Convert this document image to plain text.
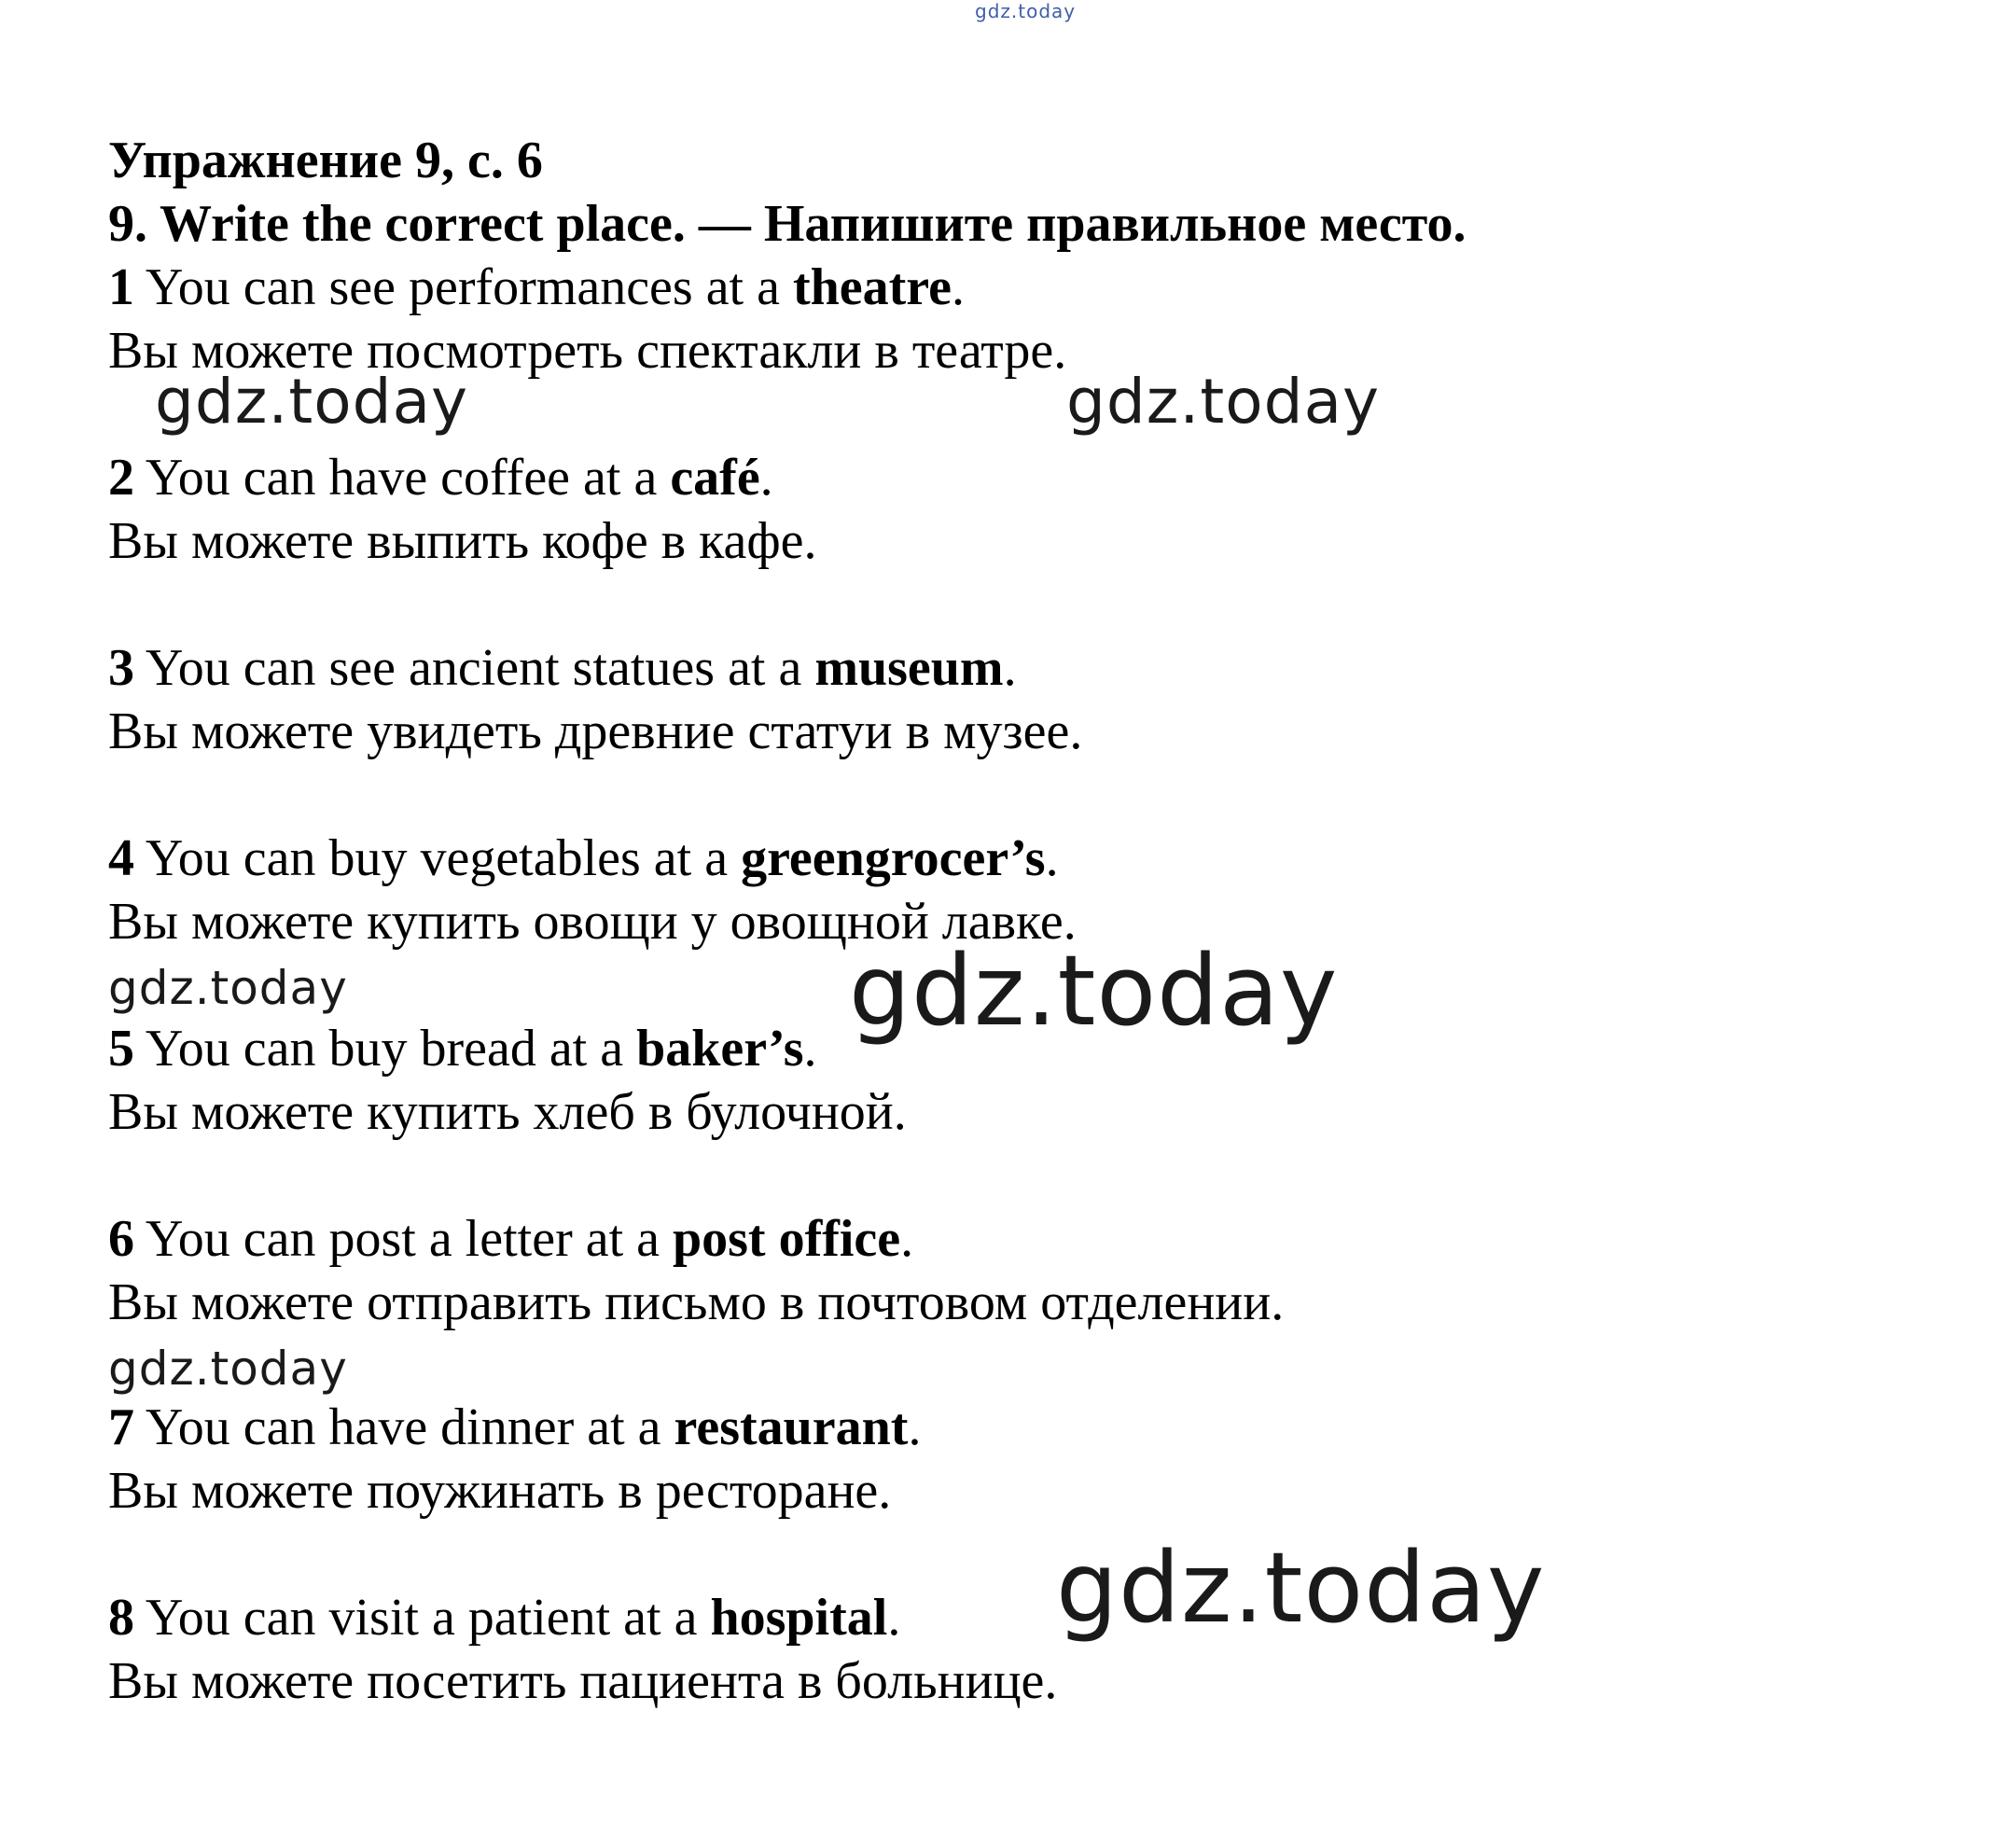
gdz.today
Упражнение 9, с. 6
9. Write the correct place. — Напишите правильное место.
1 You can see performances at a theatre.
Вы можете посмотреть спектакли в театре.
gdz.today	gdz.today
2 You can have coffee at a café.
Вы можете выпить кофе в кафе.
3 You can see ancient statues at a museum.
Вы можете увидеть древние статуи в музее.
4 You can buy vegetables at a greengrocer’s.
Вы можете купить овощи у овощной лавке.
gdz.today	gdz.today
5 You can buy bread at a baker’s.
Вы можете купить хлеб в булочной.
6 You can post a letter at a post office.
Вы можете отправить письмо в почтовом отделении.
gdz.today
7 You can have dinner at a restaurant.
Вы можете поужинать в ресторане.
8 You can visit a patient at a hospital.
Вы можете посетить пациента в больнице.
gdz.today
